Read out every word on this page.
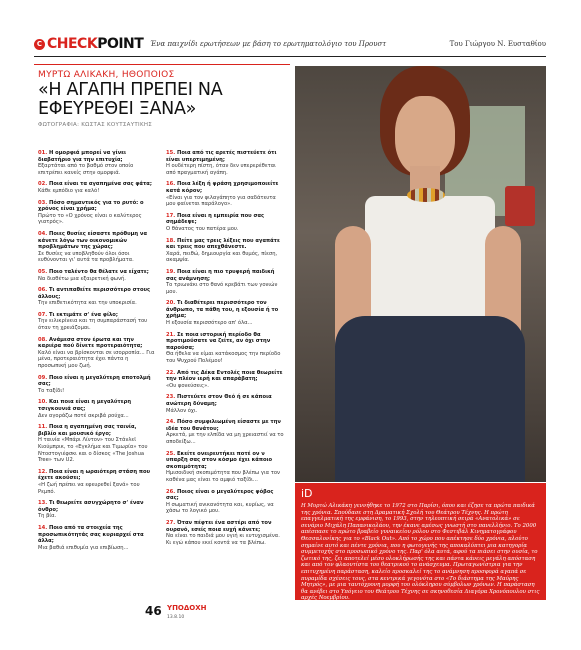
C CHECKPOINT Ένα παιχνίδι ερωτήσεων με βάση το ερωτηματολόγιο του Προυστ	Του Γιώργου Ν. Ευσταθίου
ΜΥΡΤΩ ΑΛΙΚΑΚΗ, ΗΘΟΠΟΙΟΣ
«Η ΑΓΑΠΗ ΠΡΕΠΕΙ ΝΑ ΕΦΕΥΡΕΘΕΙ ΞΑΝΑ»
ΦΩΤΟΓΡΑΦΙΑ: ΚΩΣΤΑΣ ΚΟΥΤΣΑΥΤΙΚΗΣ
01. Η ομορφιά μπορεί να γίνει διαβατήριο για την επιτυχία;
Εξαρτάται από το βαθμό στον οποίο επιτρέπει κανείς στην ομορφιά.
02. Ποια είναι τα αγαπημένα σας φάτα;
Κάθε εμπόδιο για καλό!
03. Πόσο σημαντικός για το ρυτό: ο χρόνος είναι χρήμα;
Πρώτο το «Ο χρόνος είναι ο καλύτερος γιατρός».
04. Ποιες θυσίες είσαστε πρόθυμη να κάνετε λόγω των οικονομικών προβλημάτων της χώρας;
Σε θυσίες να υποβληθούν όλοι όσοι ευθύνονται γι' αυτά τα προβλήματα.
05. Ποιο ταλέντο θα θέλατε να είχατε;
Να διαθέτω μια εξαιρετική φωνή.
06. Τι αντιπαθείτε περισσότερο στους άλλους;
Την επιθετικότητα και την υποκρισία.
07. Τι εκτιμάτε σ' ένα φίλο;
Την ειλικρίνεια και τη συμπαράστασή του όταν τη χρειάζομαι.
08. Ανάμεσα στον έρωτα και την καριέρα πού δίνετε προτεραιότητα;
Καλό είναι να βρίσκονται σε ισορροπία... Για μένα, προτεραιότητα έχει πάντα η προσωπική μου ζωή.
09. Ποιο είναι η μεγαλύτερη αποτολμή σας;
Το ταξίδι!
10. Και ποια είναι η μεγαλύτερη τσιγκουνιά σας;
Δεν αγοράζω ποτέ ακριβά ρούχα...
11. Ποια η αγαπημένη σας ταινία, βιβλίο και μουσικό έργο;
Η ταινία «Μπάρι Λίντον» του Στάνλεϊ Κιούμπρικ, το «Εγκλήμα και Τιμωρία» του Ντοστογιέφσκι και ο δίσκος «The Joshua Tree» των U2.
12. Ποια είναι η ωραιότερη στάση που έχετε ακούσει;
«Η ζωή πρέπει να εφευρεθεί ξανά» του Ρεμπό.
13. Τι θεωρείτε ασυγχώρητο σ' έναν όνθρο;
Τη βία.
14. Ποιο από τα στοιχεία της προσωπικότητάς σας κυριαρχεί στα άλλα;
Μια βαθιά επιθυμία για επιβίωση...
15. Ποια από τις αρετές πιστεύετε ότι είναι υπερτιμημένη;
Η ουδέτερη πίστη, όταν δεν υπερερέθεται από πραγματική αγάπη.
16. Ποια λέξη ή φράση χρησιμοποιείτε κατά κόρον;
«Είναι για τον φιλαγάπητο για σαδάτευτα μου φαίνεται παράλογο».
17. Ποια είναι η εμπειρία που σας σημάδεψε;
Ο θάνατος του πατέρα μου.
18. Πείτε μας τρεις λέξεις που αγαπάτε και τρεις που απεχθάνεστε.
Χαρά, πειθώ, δημιουργία και θυμός, πίεση, ακαμψία.
19. Ποια είναι η πιο τρυφερή παιδική σας ανάμνηση;
Το τριωνάκι στο θανό κρεβάτι των γονιών μου.
20. Τι διαθέτερει περισσότερο τον άνθρωπο, τα πάθη του, η εξουσία ή το χρήμα;
Η εξουσία περισσότερο απ' όλα...
21. Σε ποια ιστορική περίοδο θα προτιμούσατε να ζείτε, αν όχι στην παρούσα;
Θα ήθελα να είμαι κατάκοσμος την περίοδο του Ψυχρού Πολέμου!
22. Από τις Δέκα Εντολές ποια θεωρείτε την πλέον ιερή και απαράβατη;
«Ου φονεύσεις».
23. Πιστεύετε στον Θεό ή σε κάποια ανώτερη δύναμη;
Μάλλον όχι.
24. Πόσο συμφιλιωμένη είσαστε με την ιδέα του θανάτου;
Αρκετά, με την ελπίδα να μη χρειαστεί να το αποδείξω...
25. Εκείτε ονειρευτήκει ποτέ ον ν υπαρξη σας στον κόσμο έχει κάποιο σκοπιμότητα;
Ημισοιδική σκοπιμότητα που βλέπω για τον καθένα μας είναι το αμφιό ταξίδι...
26. Ποιος είναι ο μεγαλύτερος φόβος σας;
Η σωματική ανικανότητα και, κυρίως, να χάσω το λογικό μου.
27. Όταν πέφτει ένα αστέρι από τον ουρανό, εσείς ποια ευχή κάνετε;
Να είναι το παιδιά μου υγιή κι ευτυχισμένα. Κι εγώ κάπου εκεί κοντά να τα βλέπω.
iD
Η Μυρτώ Αλικάκη γεννήθηκε το 1972 στο Παρίσι, όπου και έζησε τα πρώτα παιδικά της χρόνια. Σπούδασε στη Δραματική Σχολή του Θεάτρου Τέχνης. Η πρώτη επαγγελματική της εμφάνιση, το 1993, στην τηλεοπτική σειρά «Ανατολικά» σε σενάριο Μιχάλη Παπανικολάου, την έκανε αμέσως γνωστή στο πανελλήνιο. Το 2000 απέσπασε το πρώτο βραβείο γυναικείου ρόλου στο Φεστιβάλ Κινηματογράφου Θεσσαλονίκης για το «Black Out». Από το χώρο που απέκτησε δύο χρόνια, πλούτο σημαίνε αυτό και πέντε χρόνια, που η φωτογενής της αποκαλύπτει μια κατηγορία συμμετοχής στο προσωπικό χρόνο της. Παρ' όλα αυτά, αφού τα πιάσει στην ουσία, το ζωτικό της, ζει αποτελεί μέσο ολοκλήρωσής της και πάντα κάνεις μεγάλη απόσταση και από τον φλαουτίστα του θεατρικού το ανάσχευμα. Πρωταγωνίστρια για την επιτυχημένη παράσταση, καλείο προσκαλεί της το ανάμνηση προσφορά αγαπά σε πυραμίδα σχέσεις τους, στα κεντρικά γεγονότα στο «Το διάστημα της Μαύρης Μητρός», με μια ταυτόχρονη μορφή του ολόκληρου σύμβολων χρόνων. Η παράσταση θα ανέβει στο Υπόγειο του Θεάτρου Τέχνης σε σκηνοθεσία Διαγόρα Χρονόπουλου στις αρχές Νοεμβρίου.
46 ΥΠΟΔΟΧΗ
13.8.10
